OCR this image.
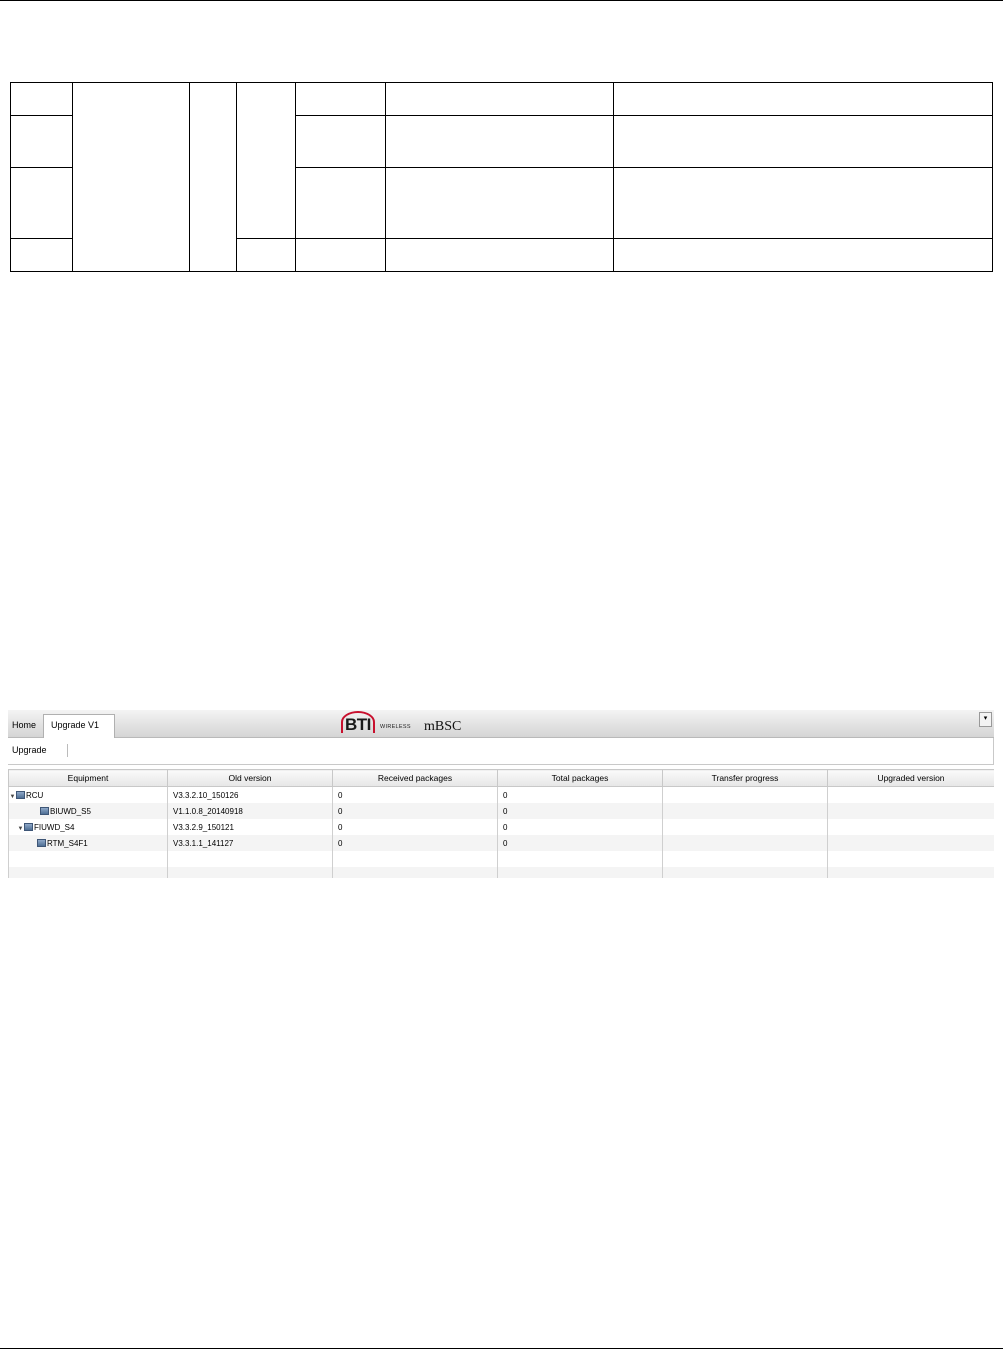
Home	Upgrade V1	BTI WIRELESS mBSC
▾
Upgrade
Equipment	Old version	Received packages	Total packages	Transfer progress	Upgraded version
▼ RCU	V3.3.2.10_150126	0	0		
BIUWD_S5	V1.1.0.8_20140918	0	0		
▼ FIUWD_S4	V3.3.2.9_150121	0	0		
RTM_S4F1	V3.3.1.1_141127	0	0		
